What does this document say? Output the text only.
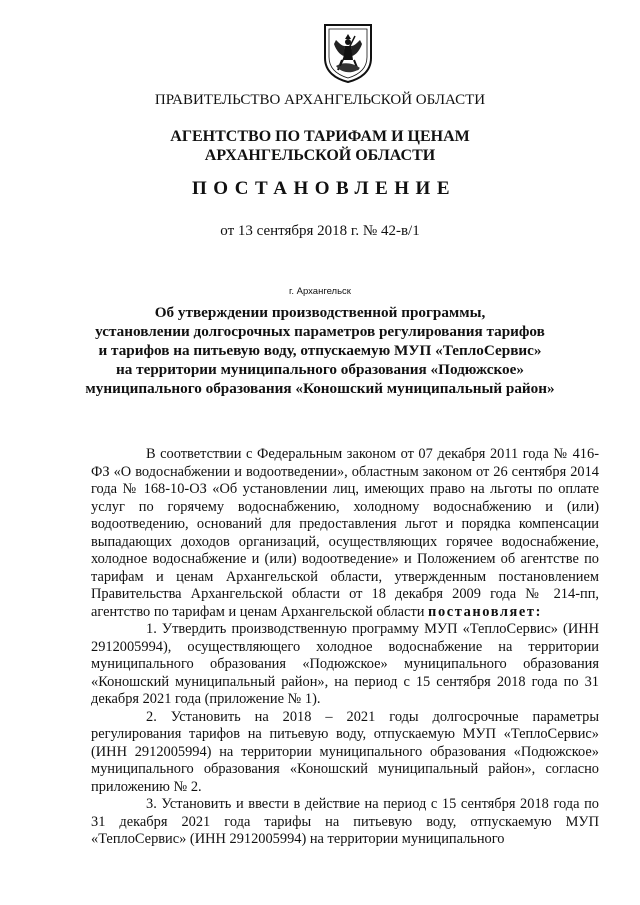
ПРАВИТЕЛЬСТВО АРХАНГЕЛЬСКОЙ ОБЛАСТИ
АГЕНТСТВО ПО ТАРИФАМ И ЦЕНАМ
АРХАНГЕЛЬСКОЙ ОБЛАСТИ
ПОСТАНОВЛЕНИЕ
от 13 сентября 2018 г. № 42-в/1
г. Архангельск
Об утверждении производственной программы,
установлении долгосрочных параметров регулирования тарифов
и тарифов на питьевую воду, отпускаемую МУП «ТеплоСервис»
на территории муниципального образования «Подюжское»
муниципального образования «Коношский муниципальный район»

В соответствии с Федеральным законом от 07 декабря 2011 года № 416-ФЗ «О водоснабжении и водоотведении», областным законом от 26 сентября 2014 года № 168-10-ОЗ «Об установлении лиц, имеющих право на льготы по оплате услуг по горячему водоснабжению, холодному водоснабжению и (или) водоотведению, оснований для предоставления льгот и порядка компенсации выпадающих доходов организаций, осуществляющих горячее водоснабжение, холодное водоснабжение и (или) водоотведение» и Положением об агентстве по тарифам и ценам Архангельской области, утвержденным постановлением Правительства Архангельской области от 18 декабря 2009 года № 214-пп, агентство по тарифам и ценам Архангельской области постановляет:

1. Утвердить производственную программу МУП «ТеплоСервис» (ИНН 2912005994), осуществляющего холодное водоснабжение на территории муниципального образования «Подюжское» муниципального образования «Коношский муниципальный район», на период с 15 сентября 2018 года по 31 декабря 2021 года (приложение № 1).

2. Установить на 2018 – 2021 годы долгосрочные параметры регулирования тарифов на питьевую воду, отпускаемую МУП «ТеплоСервис» (ИНН 2912005994) на территории муниципального образования «Подюжское» муниципального образования «Коношский муниципальный район», согласно приложению № 2.

3. Установить и ввести в действие на период с 15 сентября 2018 года по 31 декабря 2021 года тарифы на питьевую воду, отпускаемую МУП «ТеплоСервис» (ИНН 2912005994) на территории муниципального
